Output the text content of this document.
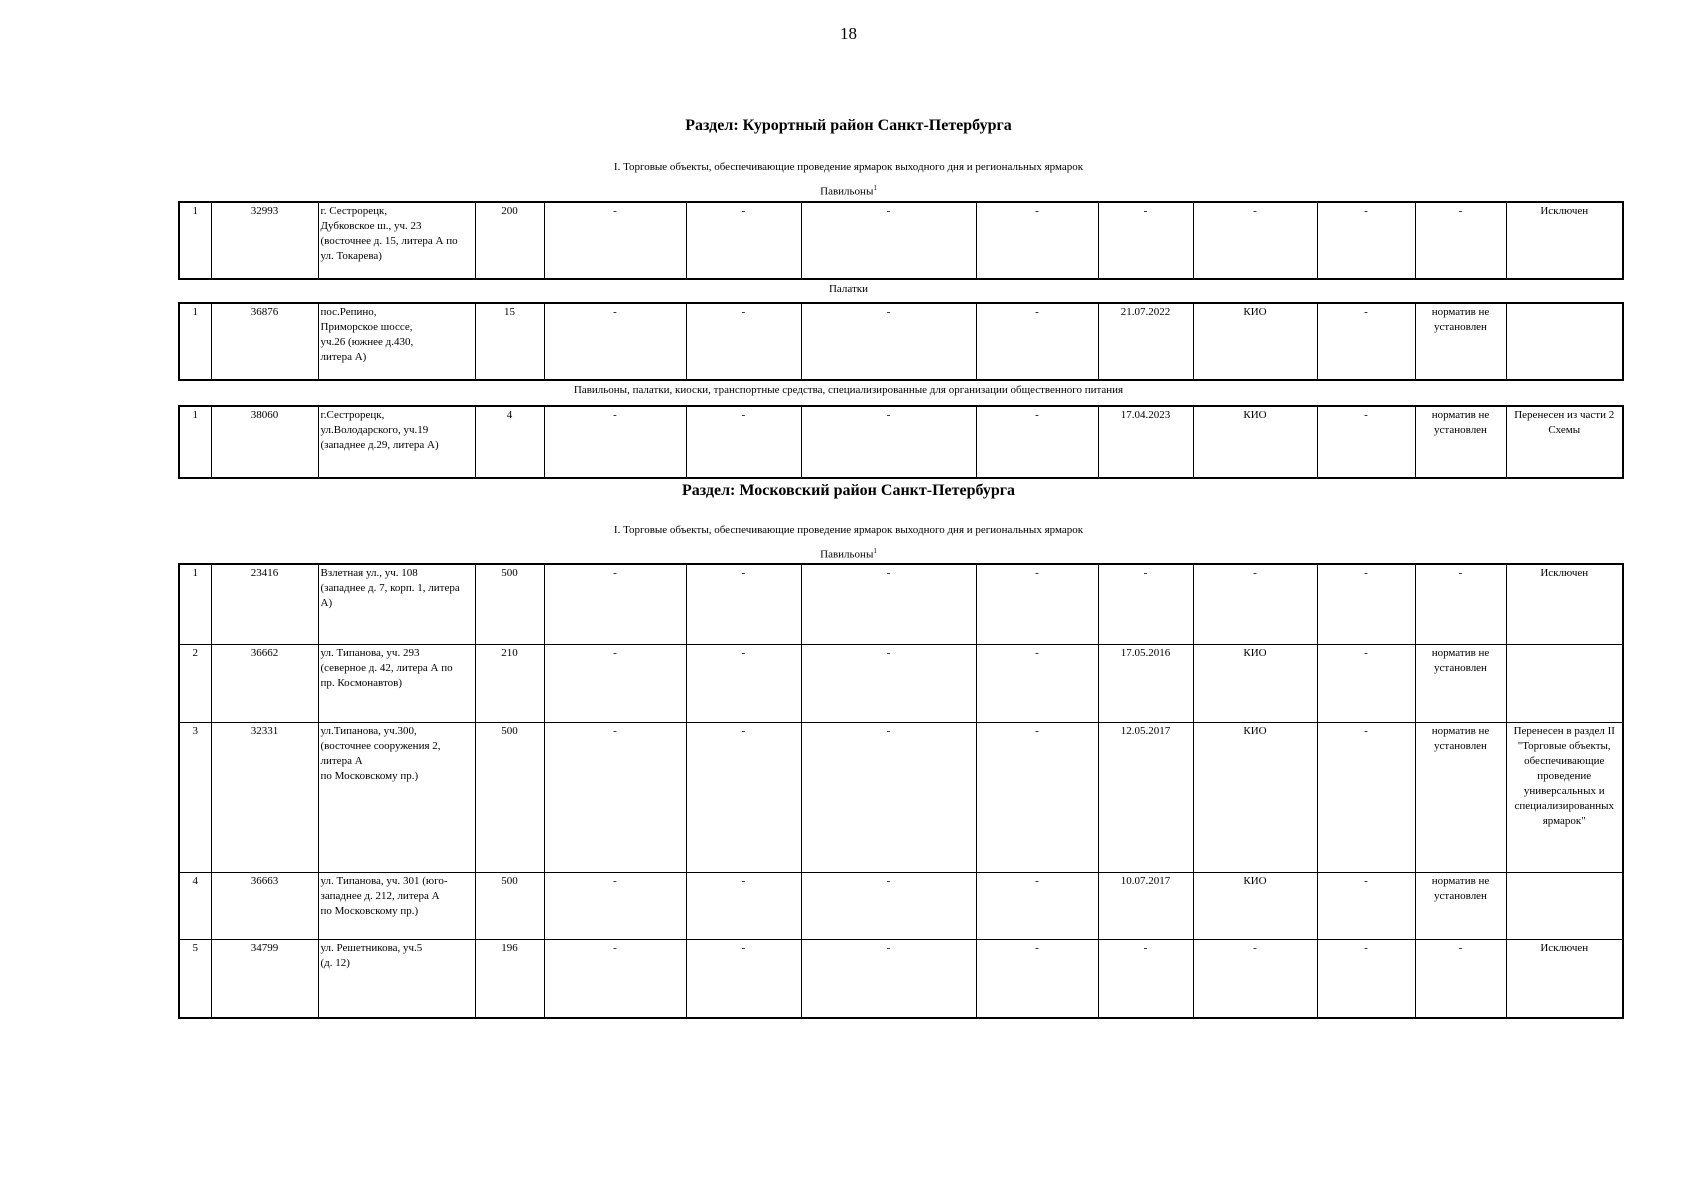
18
Раздел: Курортный район Санкт-Петербурга
I. Торговые объекты, обеспечивающие проведение ярмарок выходного дня и региональных ярмарок
Павильоны$^1$
1	32993	г. Сестрорецк,
Дубковское ш., уч. 23
(восточнее д. 15, литера А по
ул. Токарева)	200	-	-	-	-	-	-	-	-	Исключен
Палатки
1	36876	пос.Репино,
Приморское шоссе,
уч.26 (южнее д.430,
литера А)	15	-	-	-	-	21.07.2022	КИО	-	норматив не установлен	
Павильоны, палатки, киоски, транспортные средства, специализированные для организации общественного питания
1	38060	г.Сестрорецк,
ул.Володарского, уч.19
(западнее д.29, литера А)	4	-	-	-	-	17.04.2023	КИО	-	норматив не установлен	Перенесен из части 2 Схемы
Раздел: Московский район Санкт-Петербурга
I. Торговые объекты, обеспечивающие проведение ярмарок выходного дня и региональных ярмарок
Павильоны$^1$
1	23416	Взлетная ул., уч. 108
(западнее д. 7, корп. 1, литера
А)	500	-	-	-	-	-	-	-	-	Исключен
2	36662	ул. Типанова, уч. 293
(северное д. 42, литера А по
пр. Космонавтов)	210	-	-	-	-	17.05.2016	КИО	-	норматив не установлен	
3	32331	ул.Типанова, уч.300,
(восточнее сооружения 2,
литера А
по Московскому пр.)	500	-	-	-	-	12.05.2017	КИО	-	норматив не установлен	Перенесен в раздел II "Торговые объекты, обеспечивающие проведение универсальных и специализированных ярмарок"
4	36663	ул. Типанова, уч. 301 (юго-
западнее д. 212, литера А
по Московскому пр.)	500	-	-	-	-	10.07.2017	КИО	-	норматив не установлен	
5	34799	ул. Решетникова, уч.5
(д. 12)	196	-	-	-	-	-	-	-	-	Исключен
